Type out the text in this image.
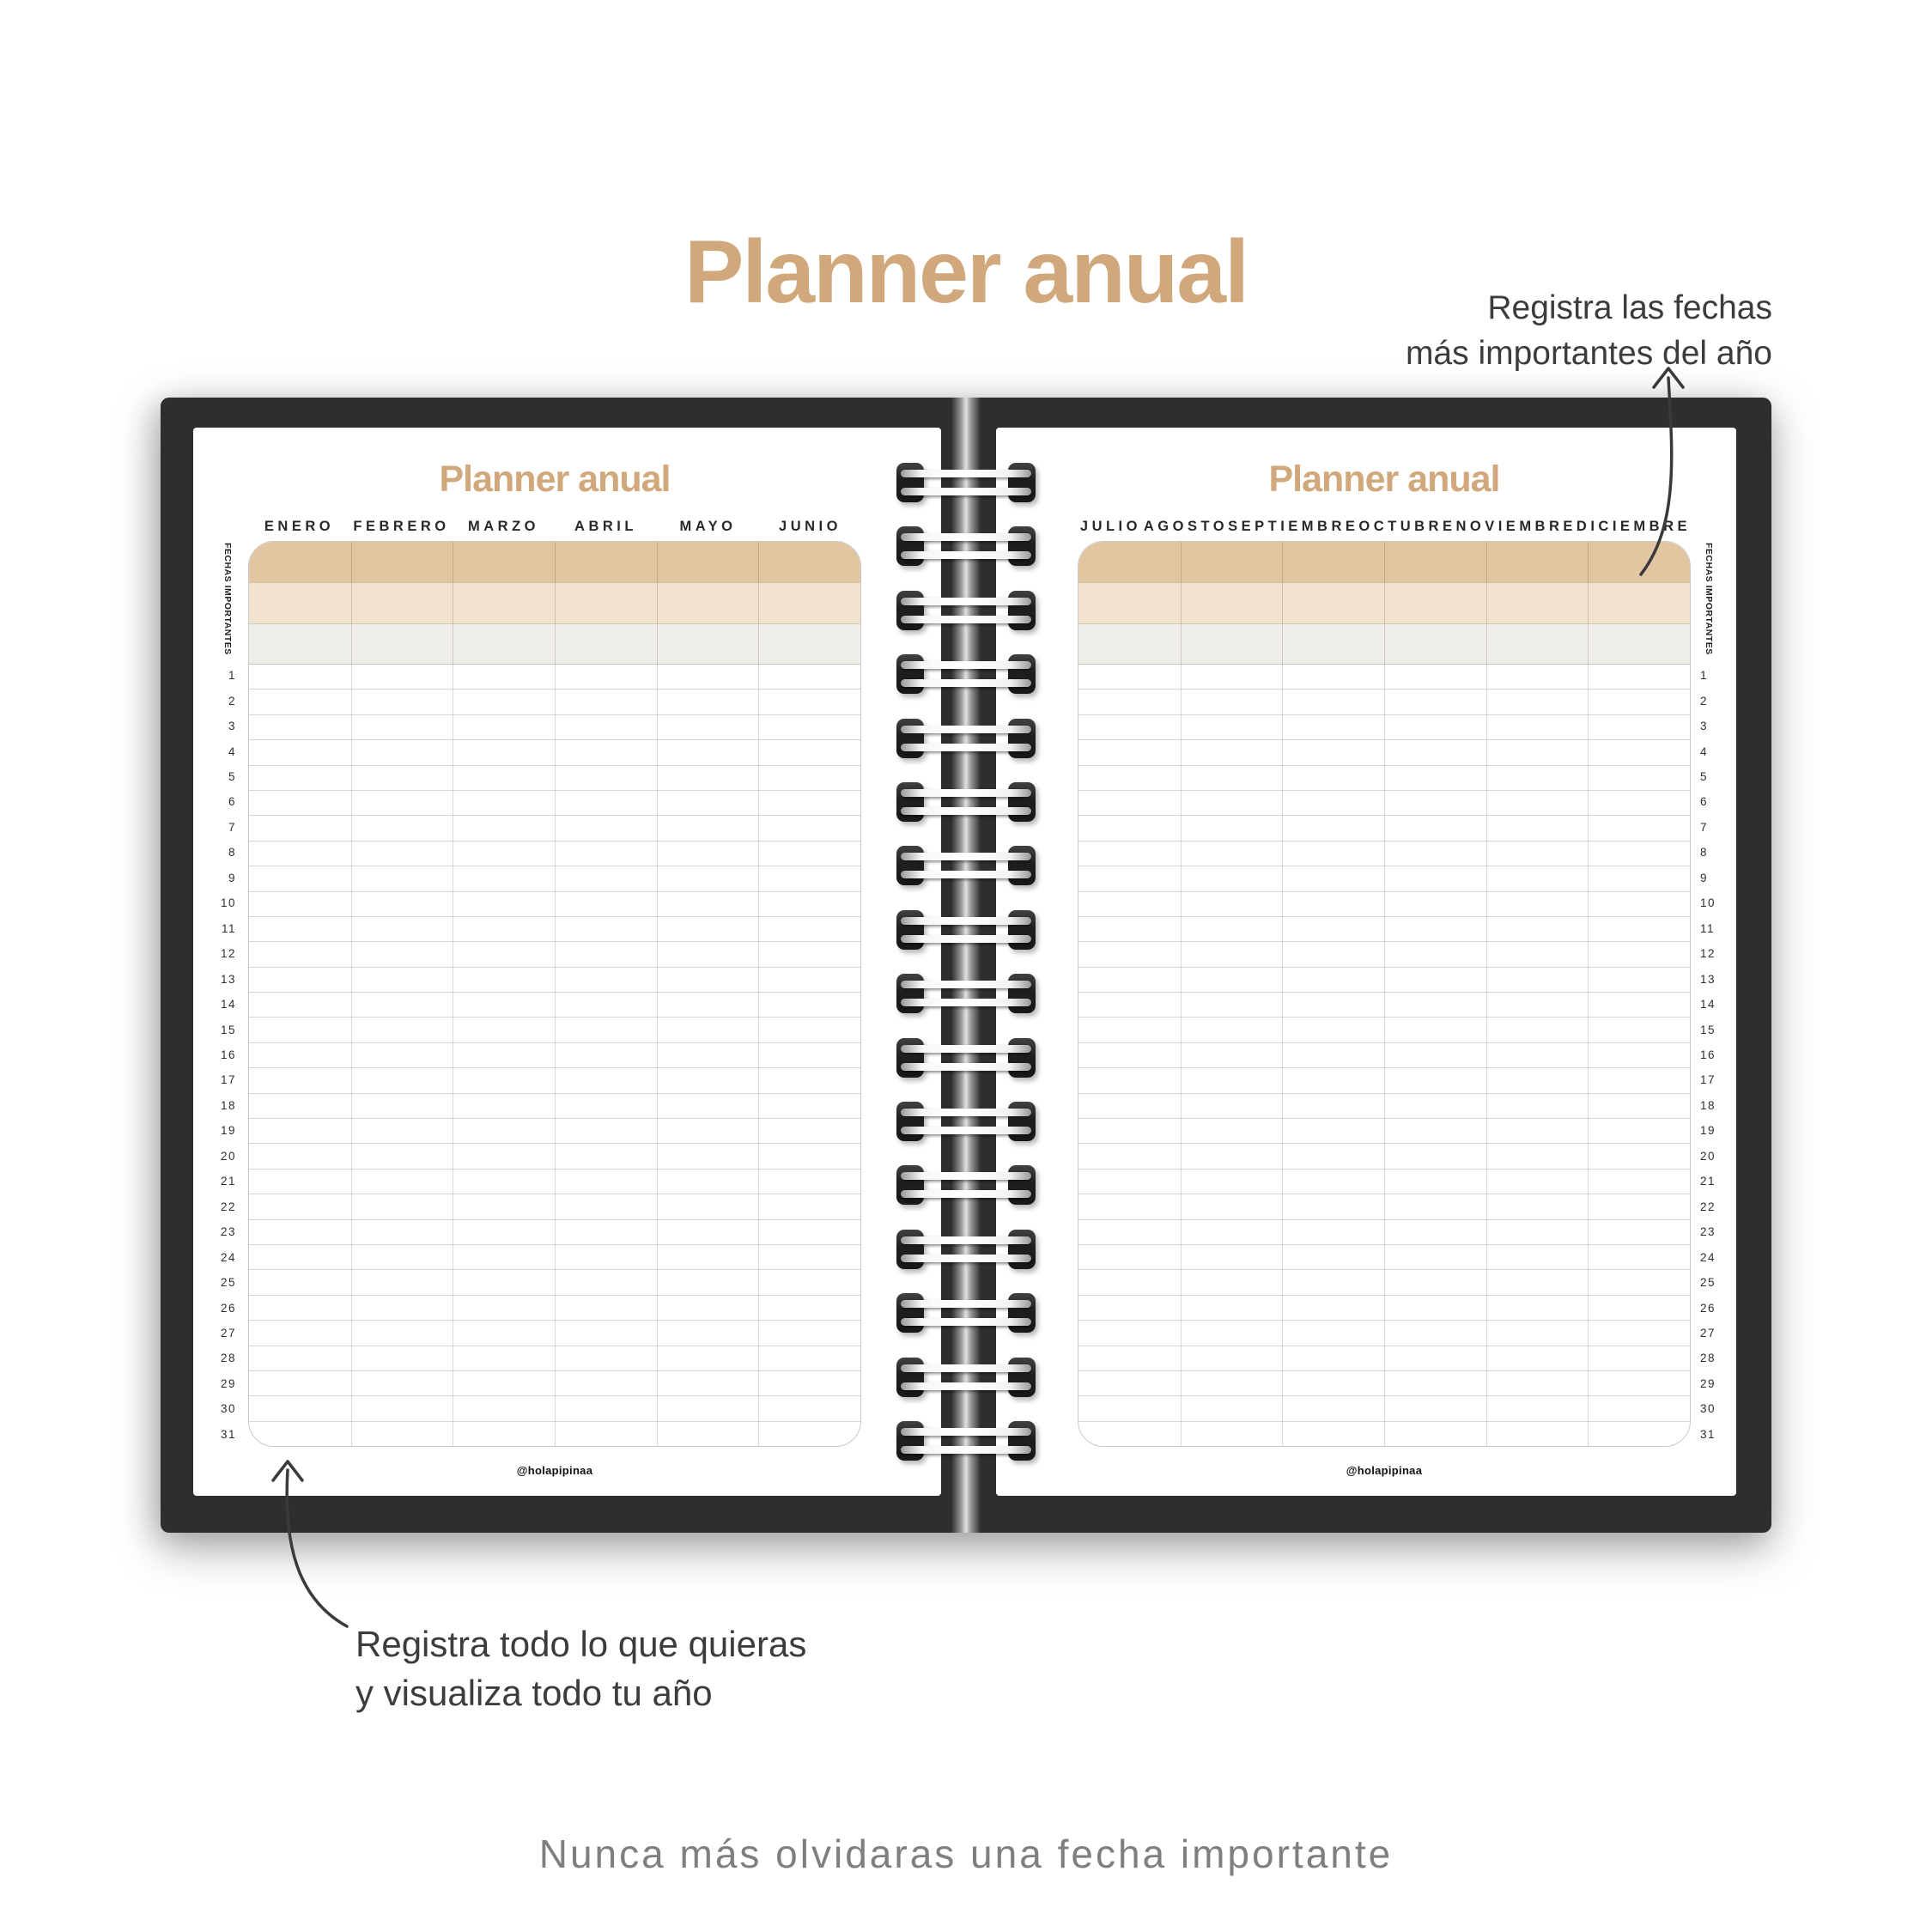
Planner anual	Registra las fechas
más importantes del año
Planner anual
ENERO	FEBRERO	MARZO	ABRIL	MAYO	JUNIO
FECHAS IMPORTANTES
1
2
3
4
5
6
7
8
9
10
11
12
13
14
15
16
17
18
19
20
21
22
23
24
25
26
27
28
29
30
31
@holapipinaa
Planner anual
JULIO AGOSTO SEPTIEMBRE OCTUBRE NOVIEMBRE DICIEMBRE
FECHAS IMPORTANTES
1
2
3
4
5
6
7
8
9
10
11
12
13
14
15
16
17
18
19
20
21
22
23
24
25
26
27
28
29
30
31
@holapipinaa
Registra todo lo que quieras
y visualiza todo tu año
Nunca más olvidaras una fecha importante
